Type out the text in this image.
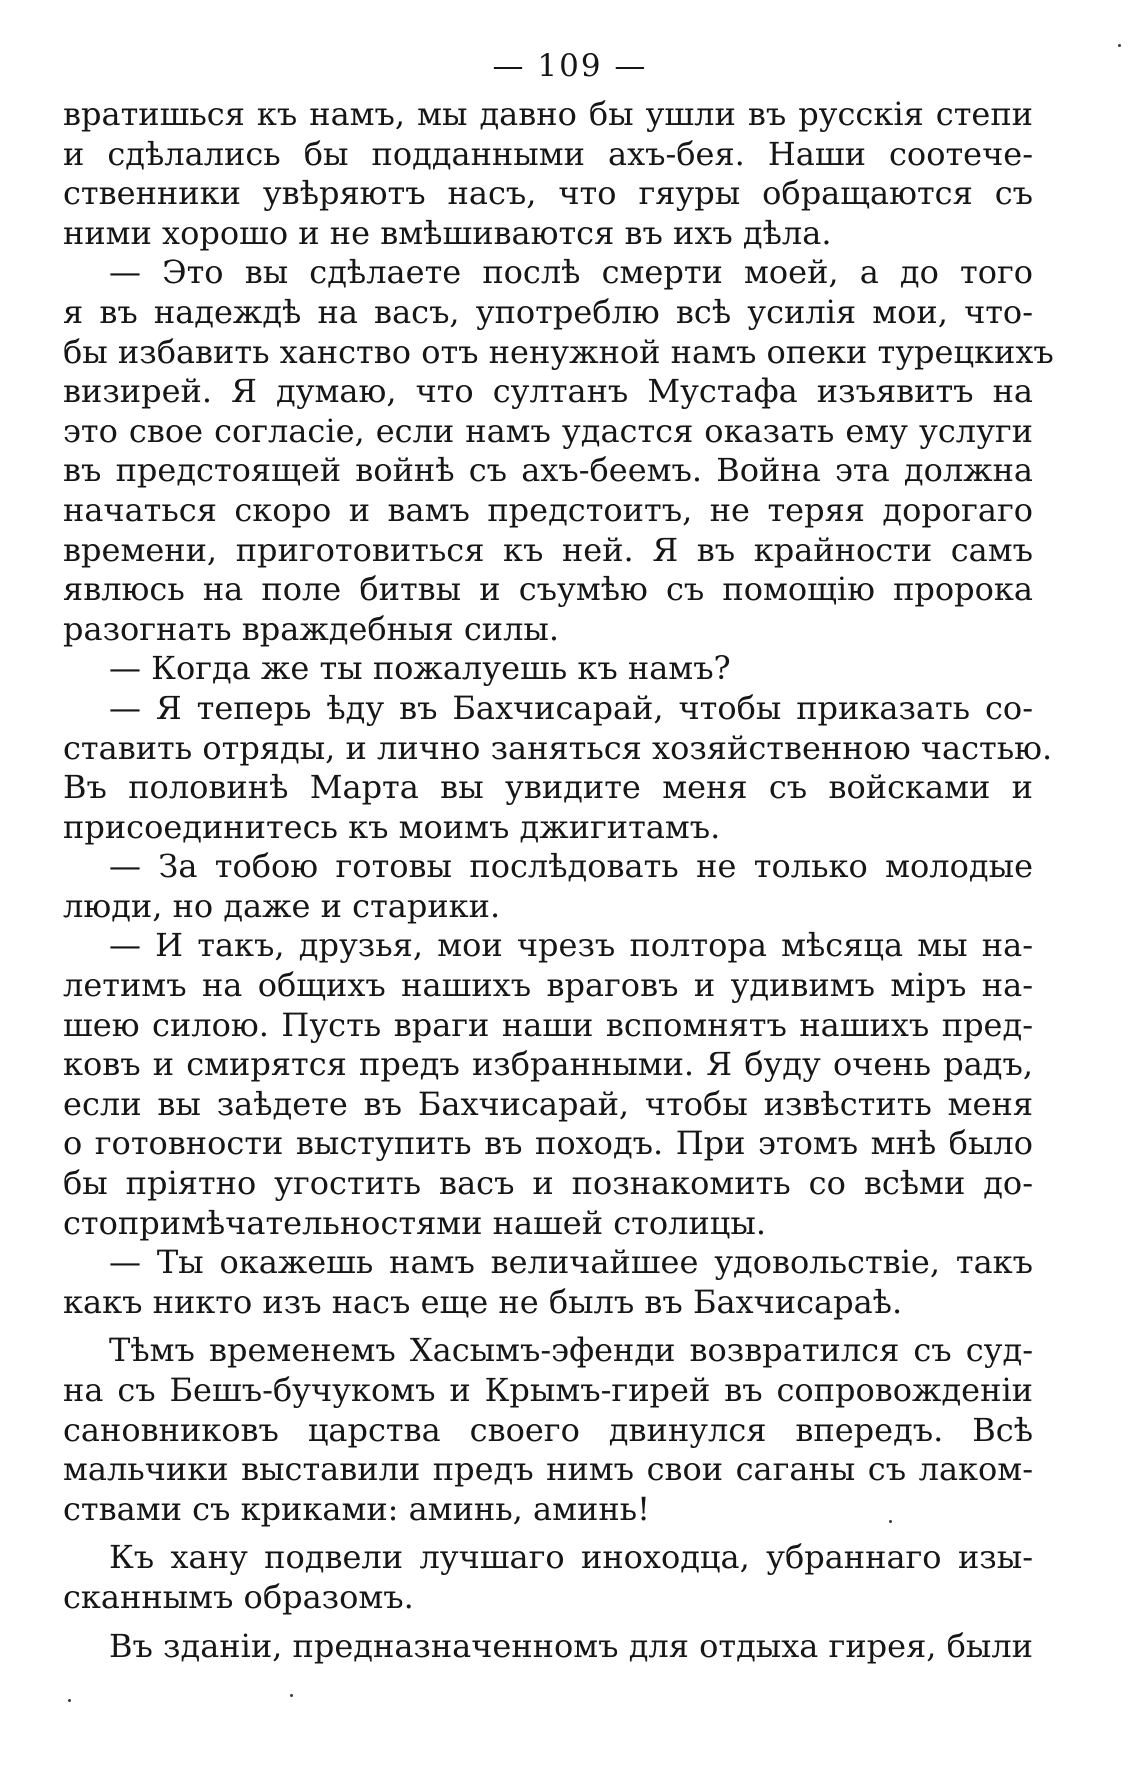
— 109 —
вратишься къ намъ, мы давно бы ушли въ русскія степи
и сдѣлались бы подданными ахъ-бея. Наши соотече-
ственники увѣряютъ насъ, что гяуры обращаются съ
ними хорошо и не вмѣшиваются въ ихъ дѣла.
— Это вы сдѣлаете послѣ смерти моей, а до того
я въ надеждѣ на васъ, употреблю всѣ усилія мои, что-
бы избавить ханство отъ ненужной намъ опеки турецкихъ
визирей. Я думаю, что султанъ Мустафа изъявитъ на
это свое согласіе, если намъ удастся оказать ему услуги
въ предстоящей войнѣ съ ахъ-беемъ. Война эта должна
начаться скоро и вамъ предстоитъ, не теряя дорогаго
времени, приготовиться къ ней. Я въ крайности самъ
явлюсь на поле битвы и съумѣю съ помощію пророка
разогнать враждебныя силы.
— Когда же ты пожалуешь къ намъ?
— Я теперь ѣду въ Бахчисарай, чтобы приказать со-
ставить отряды, и лично заняться хозяйственною частью.
Въ половинѣ Марта вы увидите меня съ войсками и
присоединитесь къ моимъ джигитамъ.
— За тобою готовы послѣдовать не только молодые
люди, но даже и старики.
— И такъ, друзья, мои чрезъ полтора мѣсяца мы на-
летимъ на общихъ нашихъ враговъ и удивимъ міръ на-
шею силою. Пусть враги наши вспомнятъ нашихъ пред-
ковъ и смирятся предъ избранными. Я буду очень радъ,
если вы заѣдете въ Бахчисарай, чтобы извѣстить меня
о готовности выступить въ походъ. При этомъ мнѣ было
бы пріятно угостить васъ и познакомить со всѣми до-
стопримѣчательностями нашей столицы.
— Ты окажешь намъ величайшее удовольствіе, такъ
какъ никто изъ насъ еще не былъ въ Бахчисараѣ.
Тѣмъ временемъ Хасымъ-эфенди возвратился съ суд-
на съ Бешъ-бучукомъ и Крымъ-гирей въ сопровожденіи
сановниковъ царства своего двинулся впередъ. Всѣ
мальчики выставили предъ нимъ свои саганы съ лаком-
ствами съ криками: аминь, аминь!
Къ хану подвели лучшаго иноходца, убраннаго изы-
сканнымъ образомъ.
Въ зданіи, предназначенномъ для отдыха гирея, были
